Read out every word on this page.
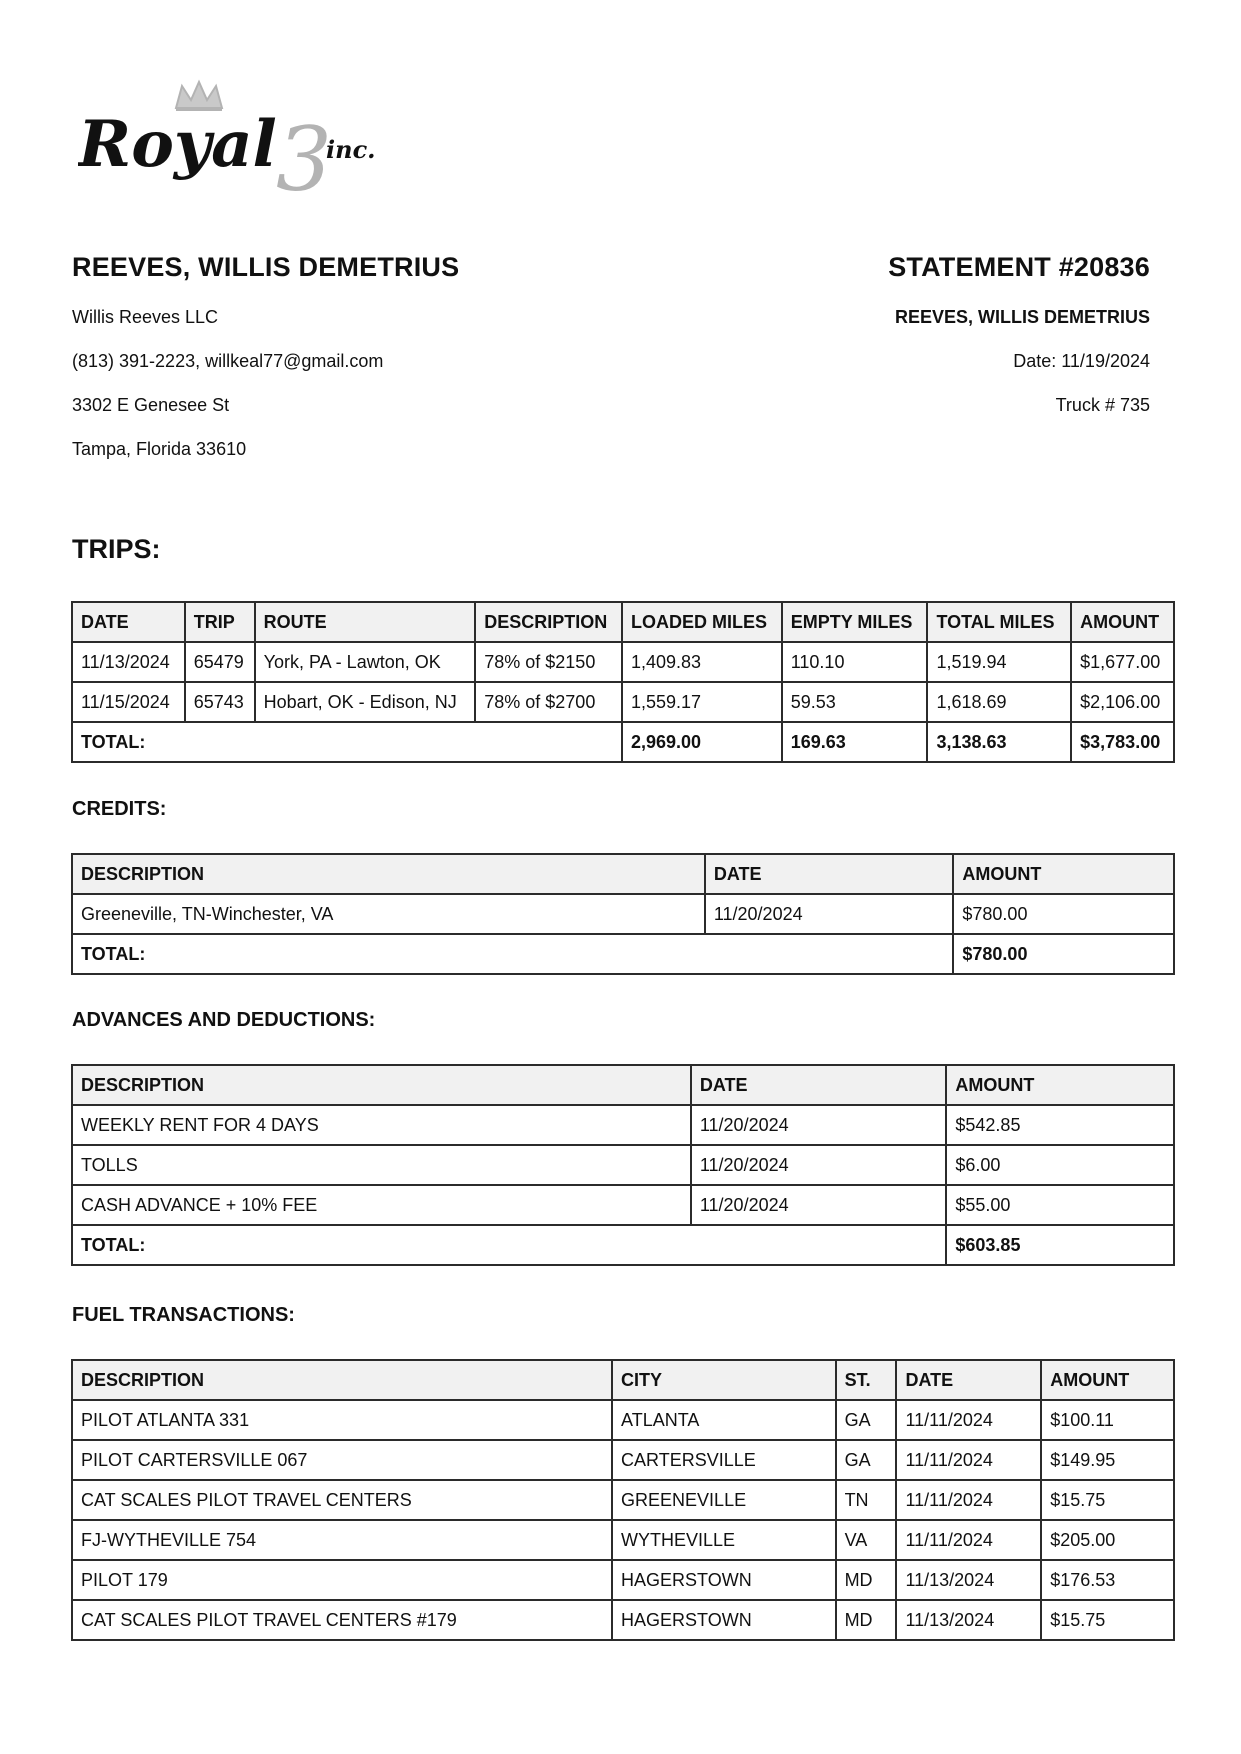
Royal 3
inc.
REEVES, WILLIS DEMETRIUS
Willis Reeves LLC
(813) 391-2223, willkeal77@gmail.com
3302 E Genesee St
Tampa, Florida 33610
STATEMENT #20836
REEVES, WILLIS DEMETRIUS
Date: 11/19/2024
Truck # 735
TRIPS:
DATE	TRIP	ROUTE	DESCRIPTION	LOADED MILES	EMPTY MILES	TOTAL MILES	AMOUNT
11/13/2024	65479	York, PA - Lawton, OK	78% of $2150	1,409.83	110.10	1,519.94	$1,677.00
11/15/2024	65743	Hobart, OK - Edison, NJ	78% of $2700	1,559.17	59.53	1,618.69	$2,106.00
TOTAL:				2,969.00	169.63	3,138.63	$3,783.00
CREDITS:
DESCRIPTION	DATE	AMOUNT
Greeneville, TN-Winchester, VA	11/20/2024	$780.00
TOTAL:		$780.00
ADVANCES AND DEDUCTIONS:
DESCRIPTION	DATE	AMOUNT
WEEKLY RENT FOR 4 DAYS	11/20/2024	$542.85
TOLLS	11/20/2024	$6.00
CASH ADVANCE + 10% FEE	11/20/2024	$55.00
TOTAL:		$603.85
FUEL TRANSACTIONS:
DESCRIPTION	CITY	ST.	DATE	AMOUNT
PILOT ATLANTA 331	ATLANTA	GA	11/11/2024	$100.11
PILOT CARTERSVILLE 067	CARTERSVILLE	GA	11/11/2024	$149.95
CAT SCALES PILOT TRAVEL CENTERS	GREENEVILLE	TN	11/11/2024	$15.75
FJ-WYTHEVILLE 754	WYTHEVILLE	VA	11/11/2024	$205.00
PILOT 179	HAGERSTOWN	MD	11/13/2024	$176.53
CAT SCALES PILOT TRAVEL CENTERS #179	HAGERSTOWN	MD	11/13/2024	$15.75
